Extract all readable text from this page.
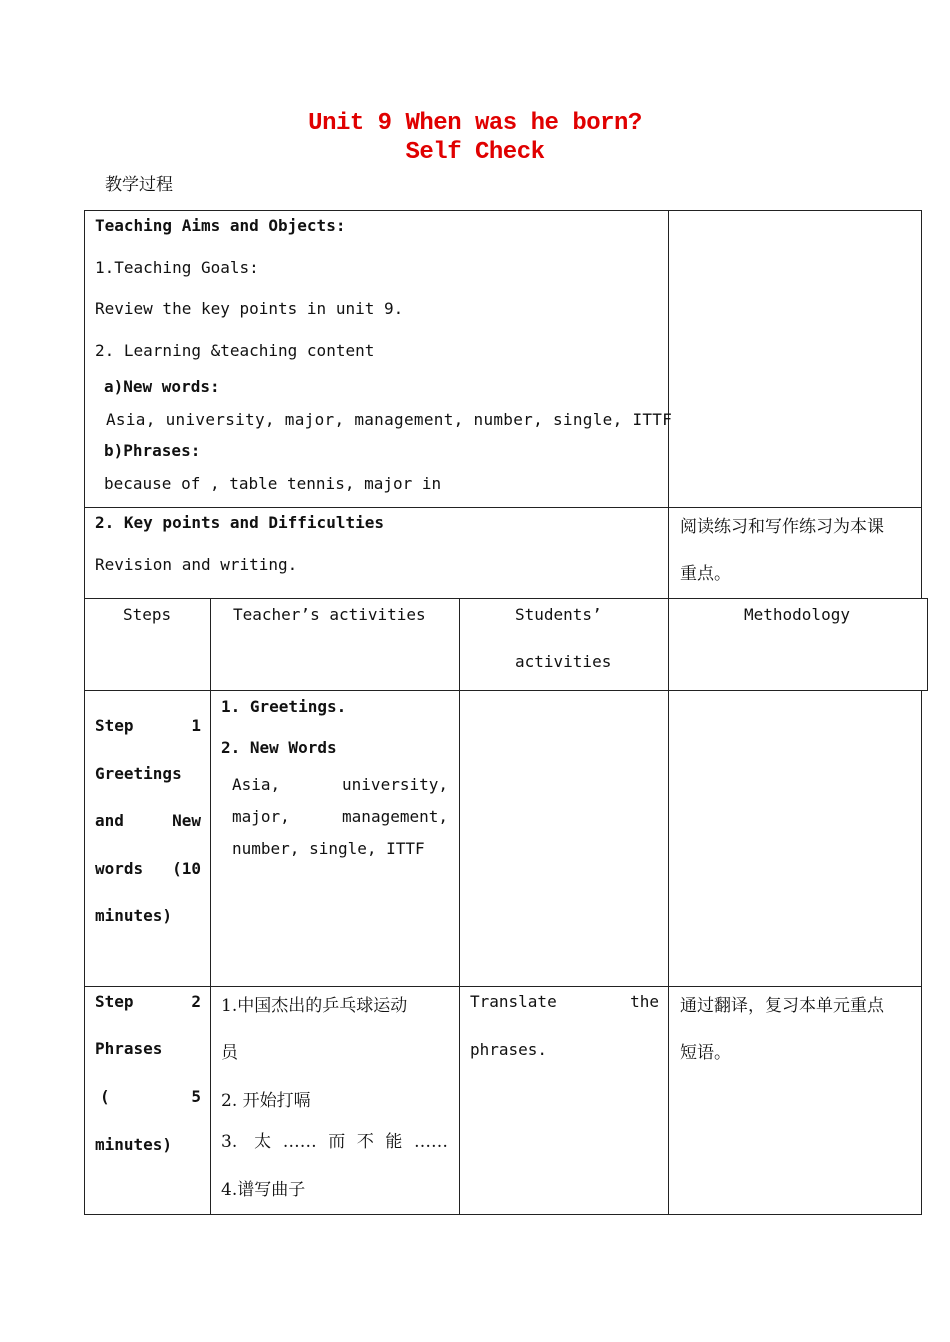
Unit 9 When was he born?
Self Check
教学过程
Teaching Aims and Objects:
1.Teaching Goals:
Review the key points in unit 9.
2. Learning &teaching content
a)New words:
Asia, university, major, management, number, single, ITTF
b)Phrases:
because of , table tennis, major in
2. Key points and Difficulties
Revision and writing.
阅读练习和写作练习为本课
重点。
Steps	Teacher’s activities	Students’
activities
Methodology
Step 1
Greetings
and New
words (10
minutes)
1. Greetings.
2. New Words
Asia, university,
major, management,
number, single, ITTF
Step 2
Phrases
( 5
minutes)
1.中国杰出的乒乓球运动
员
2. 开始打嗝
3. 太……而不能……
4.谱写曲子
Translate the
phrases.
通过翻译，复习本单元重点
短语。
